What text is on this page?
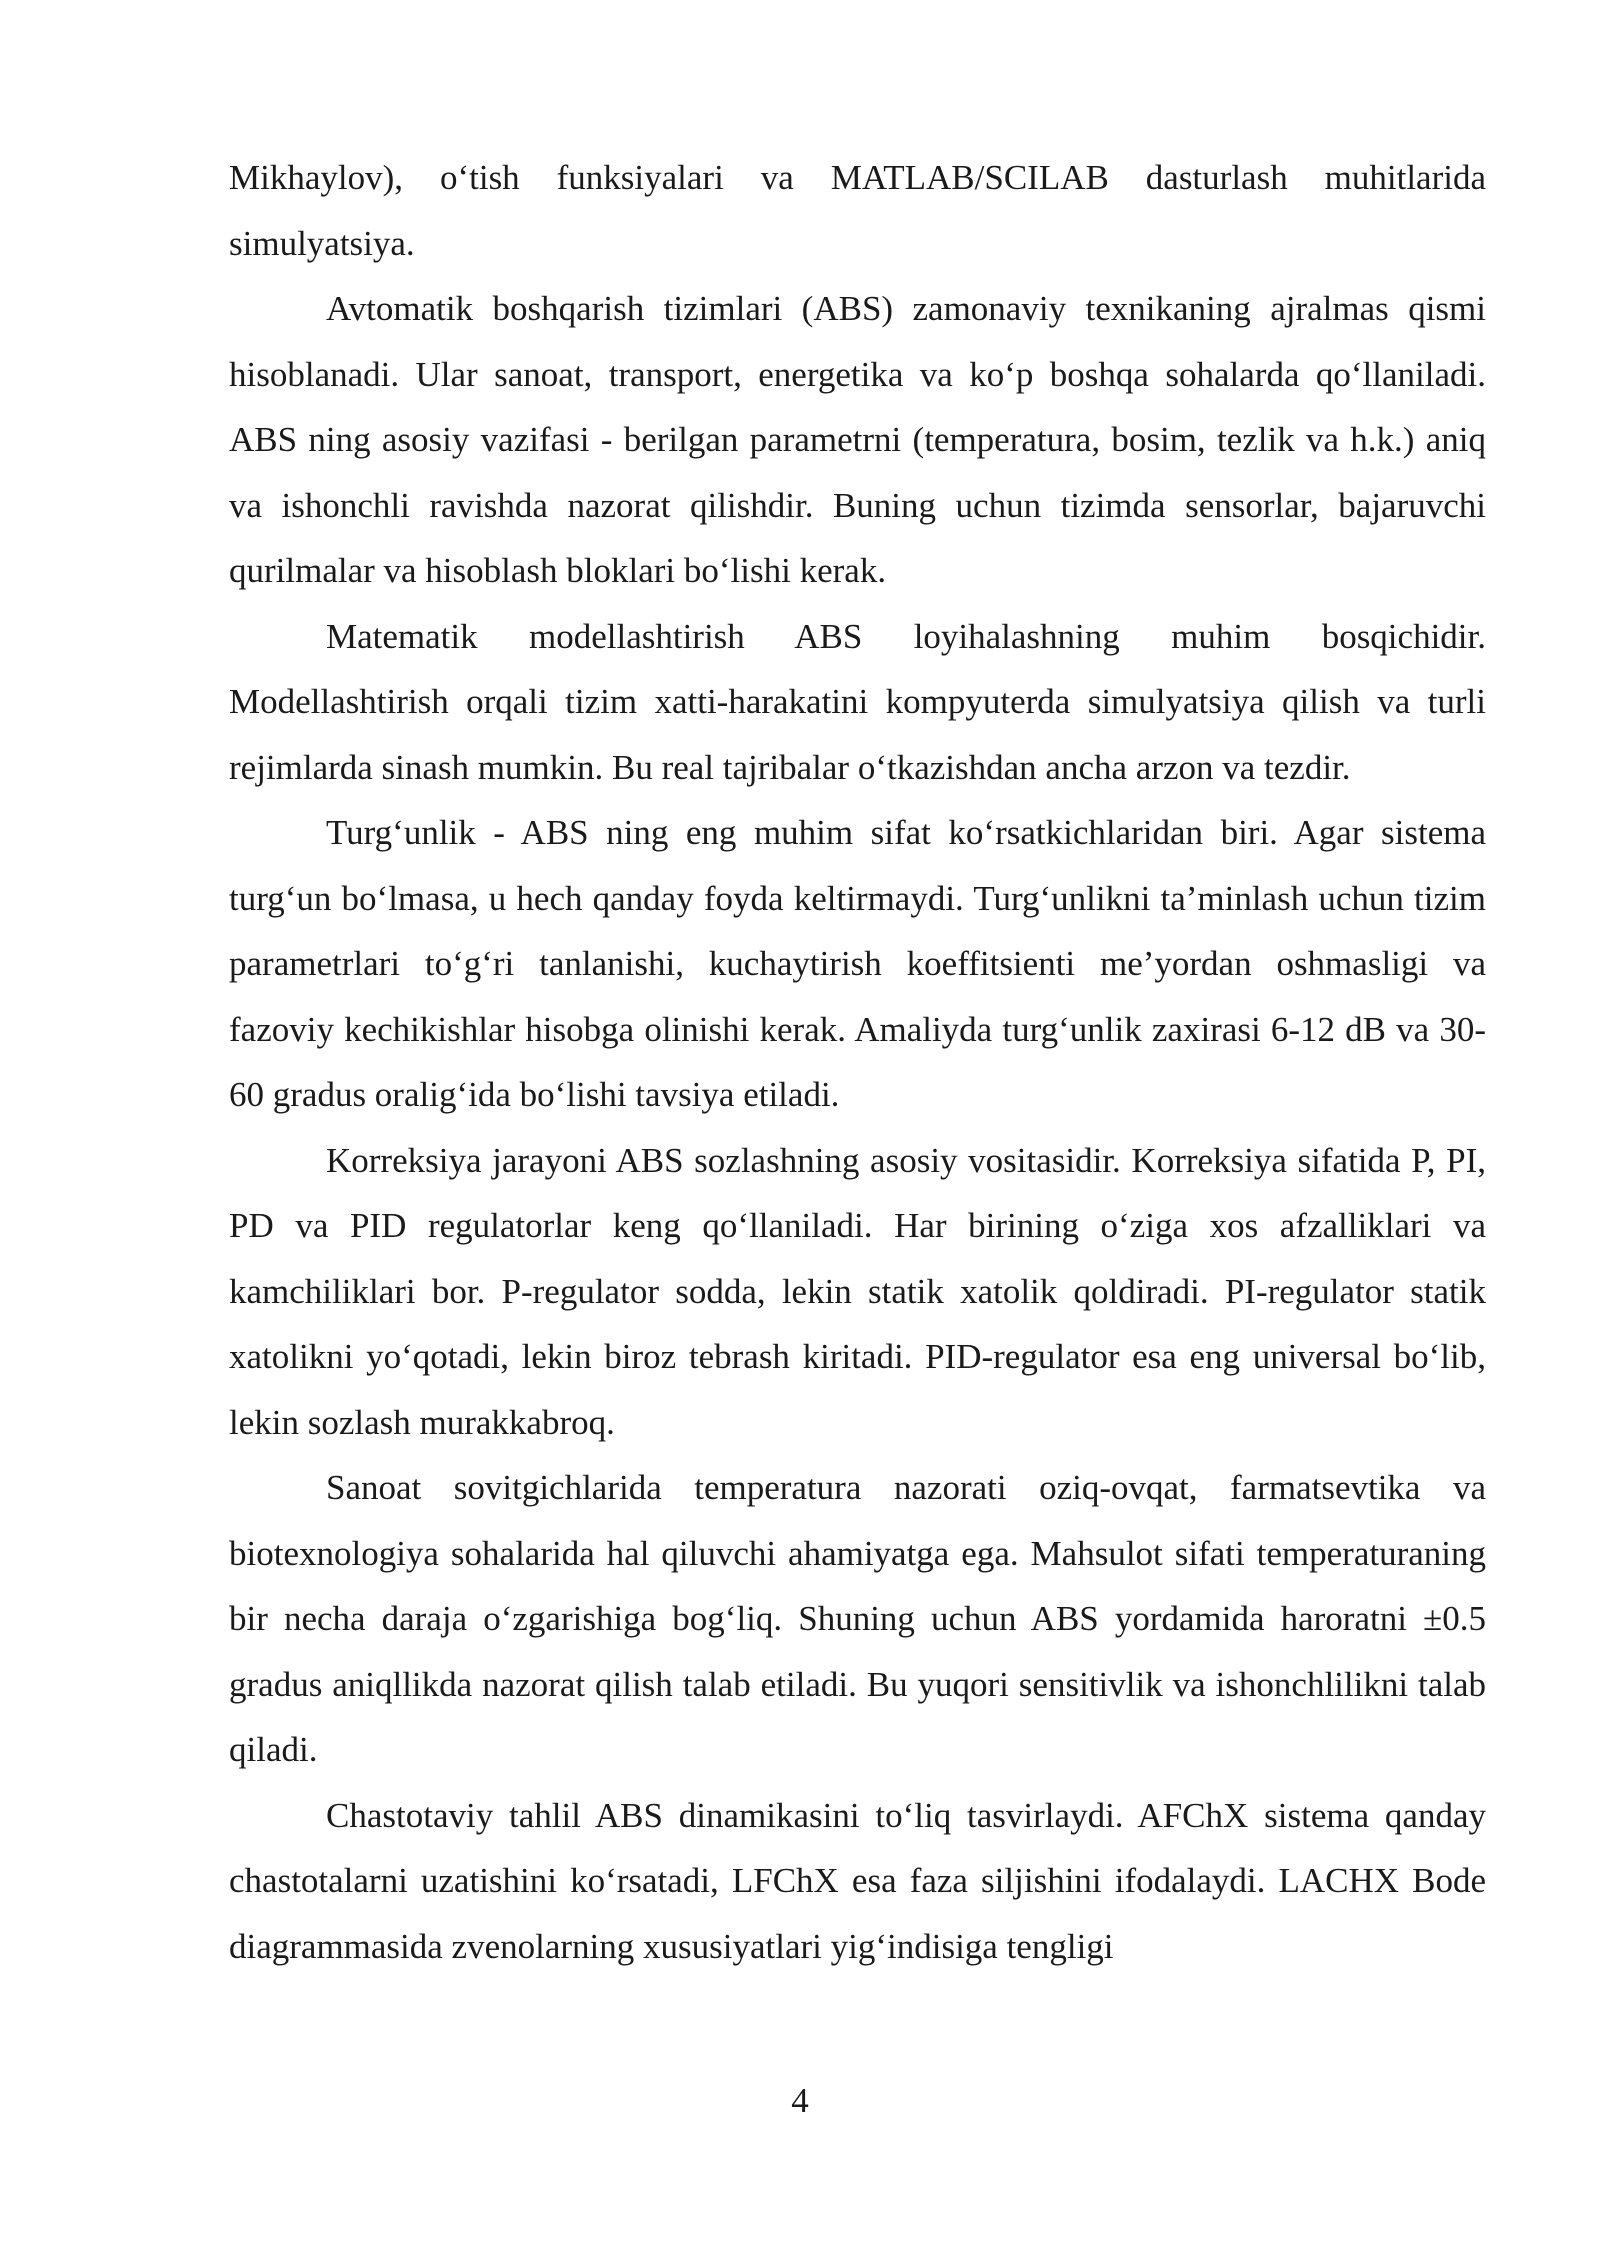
Mikhaylov), o‘tish funksiyalari va MATLAB/SCILAB dasturlash muhitlarida simulyatsiya.

Avtomatik boshqarish tizimlari (ABS) zamonaviy texnikaning ajralmas qismi hisoblanadi. Ular sanoat, transport, energetika va ko‘p boshqa sohalarda qo‘llaniladi. ABS ning asosiy vazifasi - berilgan parametrni (temperatura, bosim, tezlik va h.k.) aniq va ishonchli ravishda nazorat qilishdir. Buning uchun tizimda sensorlar, bajaruvchi qurilmalar va hisoblash bloklari bo‘lishi kerak.

Matematik modellashtirish ABS loyihalashning muhim bosqichidir. Modellashtirish orqali tizim xatti-harakatini kompyuterda simulyatsiya qilish va turli rejimlarda sinash mumkin. Bu real tajribalar o‘tkazishdan ancha arzon va tezdir.

Turg‘unlik - ABS ning eng muhim sifat ko‘rsatkichlaridan biri. Agar sistema turg‘un bo‘lmasa, u hech qanday foyda keltirmaydi. Turg‘unlikni ta’minlash uchun tizim parametrlari to‘g‘ri tanlanishi, kuchaytirish koeffitsienti me’yordan oshmasligi va fazoviy kechikishlar hisobga olinishi kerak. Amaliyda turg‘unlik zaxirasi 6-12 dB va 30-60 gradus oralig‘ida bo‘lishi tavsiya etiladi.

Korreksiya jarayoni ABS sozlashning asosiy vositasidir. Korreksiya sifatida P, PI, PD va PID regulatorlar keng qo‘llaniladi. Har birining o‘ziga xos afzalliklari va kamchiliklari bor. P-regulator sodda, lekin statik xatolik qoldiradi. PI-regulator statik xatolikni yo‘qotadi, lekin biroz tebrash kiritadi. PID-regulator esa eng universal bo‘lib, lekin sozlash murakkabroq.

Sanoat sovitgichlarida temperatura nazorati oziq-ovqat, farmatsevtika va biotexnologiya sohalarida hal qiluvchi ahamiyatga ega. Mahsulot sifati temperaturaning bir necha daraja o‘zgarishiga bog‘liq. Shuning uchun ABS yordamida haroratni ±0.5 gradus aniqllikda nazorat qilish talab etiladi. Bu yuqori sensitivlik va ishonchlilikni talab qiladi.

Chastotaviy tahlil ABS dinamikasini to‘liq tasvirlaydi. AFChX sistema qanday chastotalarni uzatishini ko‘rsatadi, LFChX esa faza siljishini ifodalaydi. LACHX Bode diagrammasida zvenolarning xususiyatlari yig‘indisiga tengligi

4
